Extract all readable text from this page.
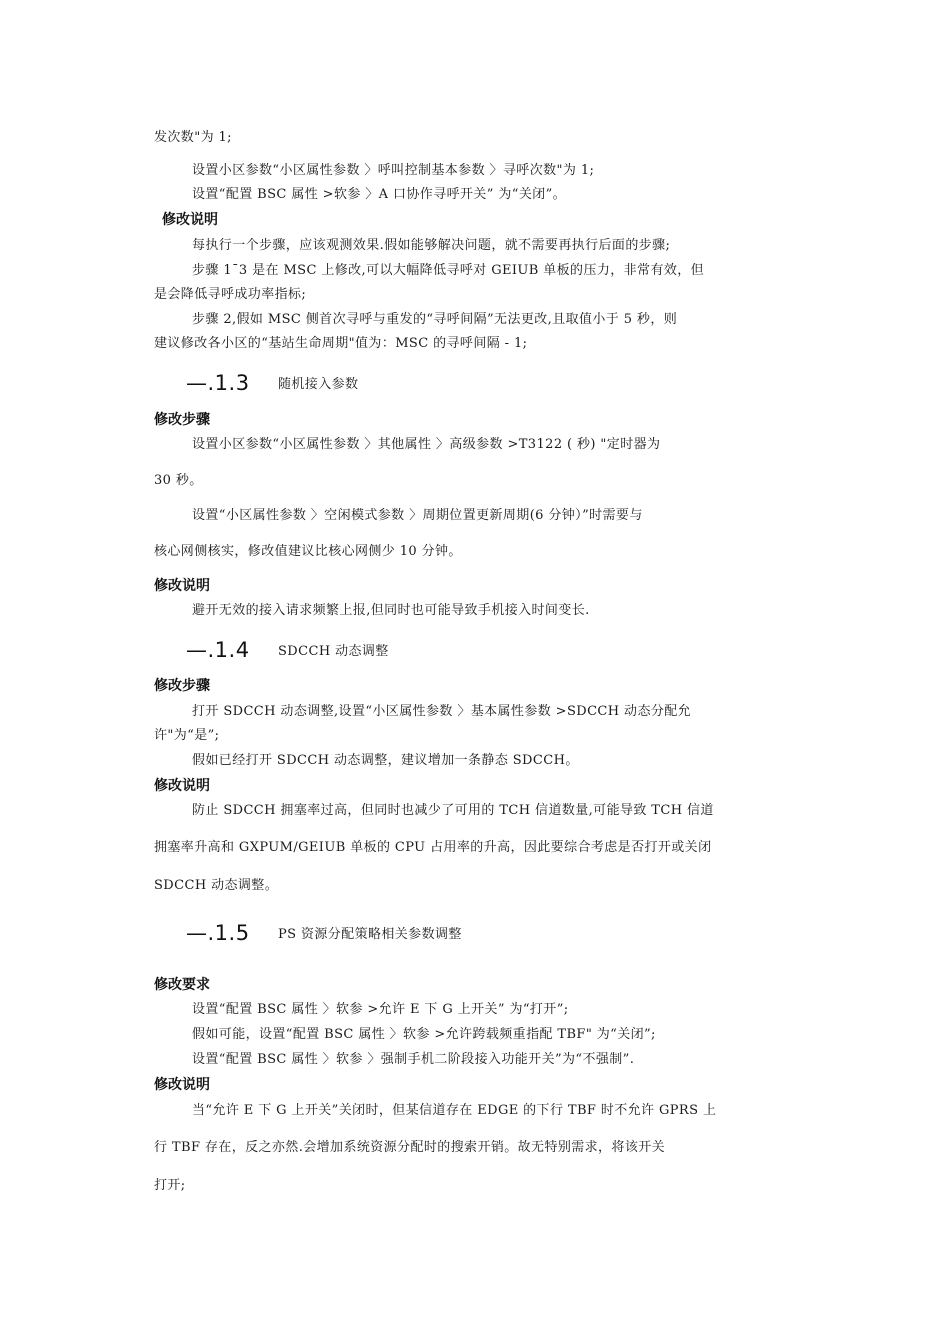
发次数"为 1;
设置小区参数“小区属性参数 〉呼叫控制基本参数 〉寻呼次数"为 1;
设置“配置 BSC 属性 >软参 〉A 口协作寻呼开关” 为“关闭”。
修改说明
每执行一个步骤，应该观测效果.假如能够解决问题，就不需要再执行后面的步骤;
步骤 1¯3 是在 MSC 上修改,可以大幅降低寻呼对 GEIUB 单板的压力，非常有效，但
是会降低寻呼成功率指标;
步骤 2,假如 MSC 侧首次寻呼与重发的“寻呼间隔”无法更改,且取值小于 5 秒，则
建议修改各小区的“基站生命周期"值为：MSC 的寻呼间隔 - 1;
—.1.3 随机接入参数
修改步骤
设置小区参数“小区属性参数 〉其他属性 〉高级参数 >T3122 ( 秒) "定时器为
30 秒。
设置“小区属性参数 〉空闲模式参数 〉周期位置更新周期(6 分钟）”时需要与
核心网侧核实，修改值建议比核心网侧少 10 分钟。
修改说明
避开无效的接入请求频繁上报,但同时也可能导致手机接入时间变长.
—.1.4 SDCCH 动态调整
修改步骤
打开 SDCCH 动态调整,设置“小区属性参数 〉基本属性参数 >SDCCH 动态分配允
许"为“是”;
假如已经打开 SDCCH 动态调整，建议增加一条静态 SDCCH。
修改说明
防止 SDCCH 拥塞率过高，但同时也减少了可用的 TCH 信道数量,可能导致 TCH 信道
拥塞率升高和 GXPUM/GEIUB 单板的 CPU 占用率的升高，因此要综合考虑是否打开或关闭
SDCCH 动态调整。
—.1.5 PS 资源分配策略相关参数调整
修改要求
设置“配置 BSC 属性 〉软参 >允许 E 下 G 上开关” 为“打开”;
假如可能，设置“配置 BSC 属性 〉软参 >允许跨载频重指配 TBF" 为“关闭”;
设置“配置 BSC 属性 〉软参 〉强制手机二阶段接入功能开关”为“不强制”.
修改说明
当“允许 E 下 G 上开关”关闭时，但某信道存在 EDGE 的下行 TBF 时不允许 GPRS 上
行 TBF 存在，反之亦然.会增加系统资源分配时的搜索开销。故无特别需求，将该开关
打开;
